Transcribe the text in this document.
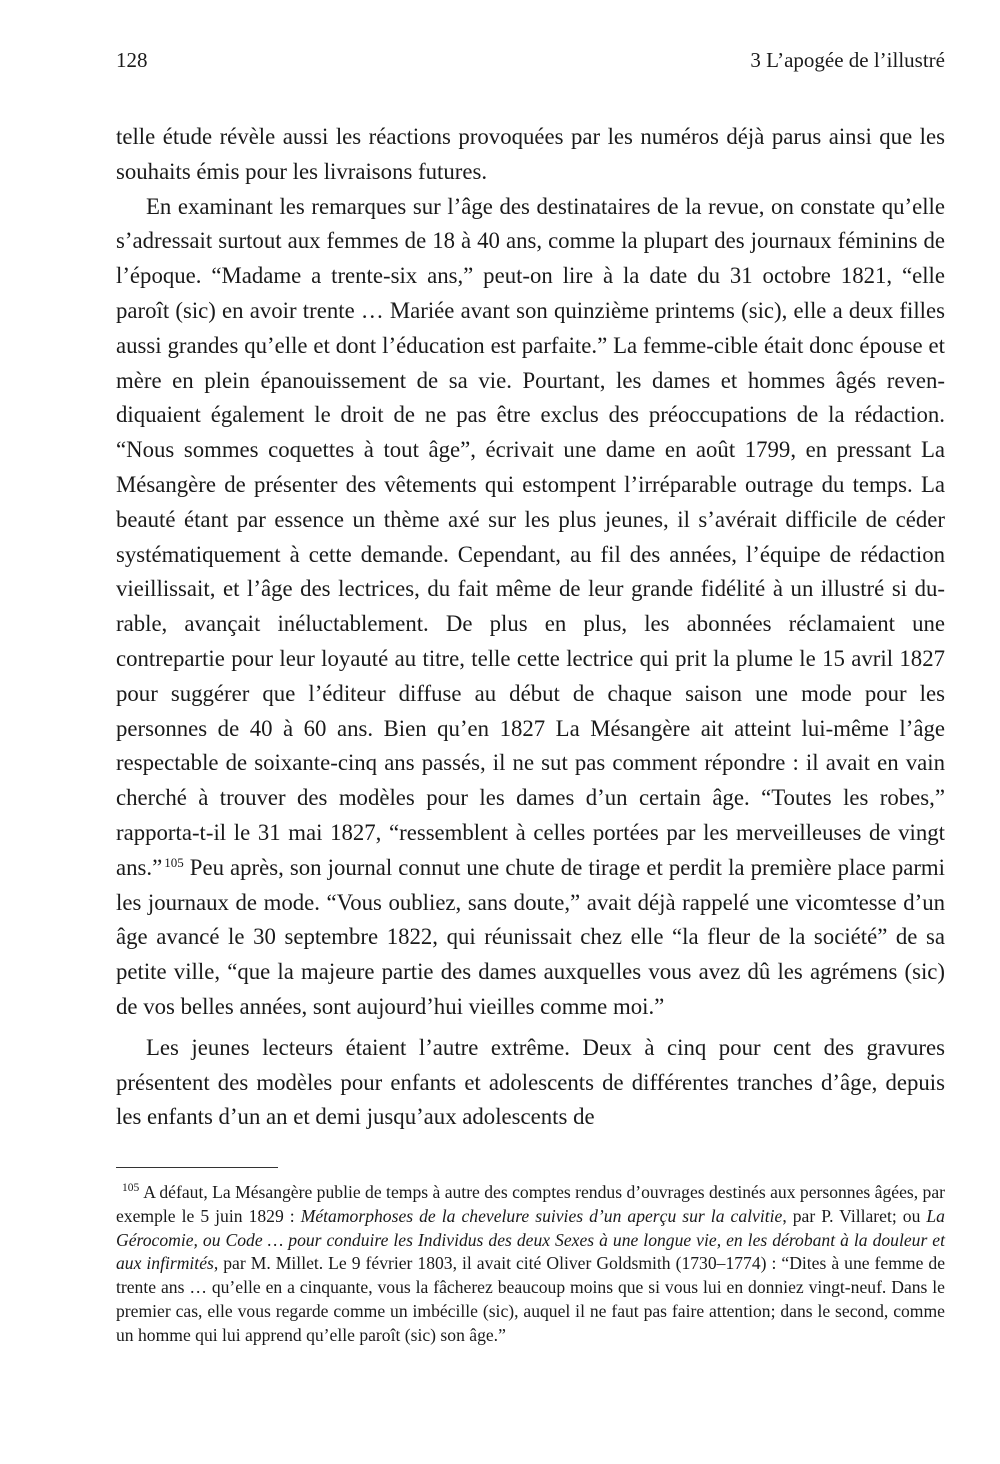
128	3 L’apogée de l’illustré

telle étude révèle aussi les réactions provoquées par les numéros déjà parus ainsi que les souhaits émis pour les livraisons futures.

En examinant les remarques sur l’âge des destinataires de la revue, on constate qu’elle s’adressait surtout aux femmes de 18 à 40 ans, comme la plupart des journaux féminins de l’époque. “Madame a trente-six ans,” peut-on lire à la date du 31 octobre 1821, “elle paroît (sic) en avoir trente … Mariée avant son quinzième printems (sic), elle a deux filles aussi grandes qu’elle et dont l’éducation est parfaite.” La femme-cible était donc épouse et mère en plein épanouissement de sa vie. Pourtant, les dames et hommes âgés revendiquaient également le droit de ne pas être exclus des préoccupations de la rédaction. “Nous sommes coquettes à tout âge”, écrivait une dame en août 1799, en pressant La Mésangère de présenter des vêtements qui estompent l’irréparable outrage du temps. La beauté étant par essence un thème axé sur les plus jeunes, il s’avérait difficile de céder systématiquement à cette demande. Cependant, au fil des années, l’équipe de rédaction vieillissait, et l’âge des lectrices, du fait même de leur grande fidélité à un illustré si durable, avançait inéluctablement. De plus en plus, les abonnées réclamaient une contrepartie pour leur loyauté au titre, telle cette lectrice qui prit la plume le 15 avril 1827 pour suggérer que l’éditeur diffuse au début de chaque saison une mode pour les personnes de 40 à 60 ans. Bien qu’en 1827 La Mésangère ait atteint lui-même l’âge respectable de soixante-cinq ans passés, il ne sut pas comment répondre : il avait en vain cherché à trouver des modèles pour les dames d’un certain âge. “Toutes les robes,” rapporta-t-il le 31 mai 1827, “ressemblent à celles portées par les merveilleuses de vingt ans.” $^{105}$ Peu après, son journal connut une chute de tirage et perdit la première place parmi les journaux de mode. “Vous oubliez, sans doute,” avait déjà rappelé une vicomtesse d’un âge avancé le 30 septembre 1822, qui réunissait chez elle “la fleur de la société” de sa petite ville, “que la majeure partie des dames auxquelles vous avez dû les agrémens (sic) de vos belles années, sont aujourd’hui vieilles comme moi.”

Les jeunes lecteurs étaient l’autre extrême. Deux à cinq pour cent des gravures présentent des modèles pour enfants et adolescents de différentes tranches d’âge, depuis les enfants d’un an et demi jusqu’aux adolescents de

$^{105}$ A défaut, La Mésangère publie de temps à autre des comptes rendus d’ouvrages destinés aux personnes âgées, par exemple le 5 juin 1829 : Métamorphoses de la chevelure suivies d’un aperçu sur la calvitie, par P. Villaret; ou La Gérocomie, ou Code … pour conduire les Individus des deux Sexes à une longue vie, en les dérobant à la douleur et aux infirmités, par M. Millet. Le 9 février 1803, il avait cité Oliver Goldsmith (1730–1774) : “Dites à une femme de trente ans … qu’elle en a cinquante, vous la fâcherez beaucoup moins que si vous lui en donniez vingt-neuf. Dans le premier cas, elle vous regarde comme un imbécille (sic), auquel il ne faut pas faire attention; dans le second, comme un homme qui lui apprend qu’elle paroît (sic) son âge.”
